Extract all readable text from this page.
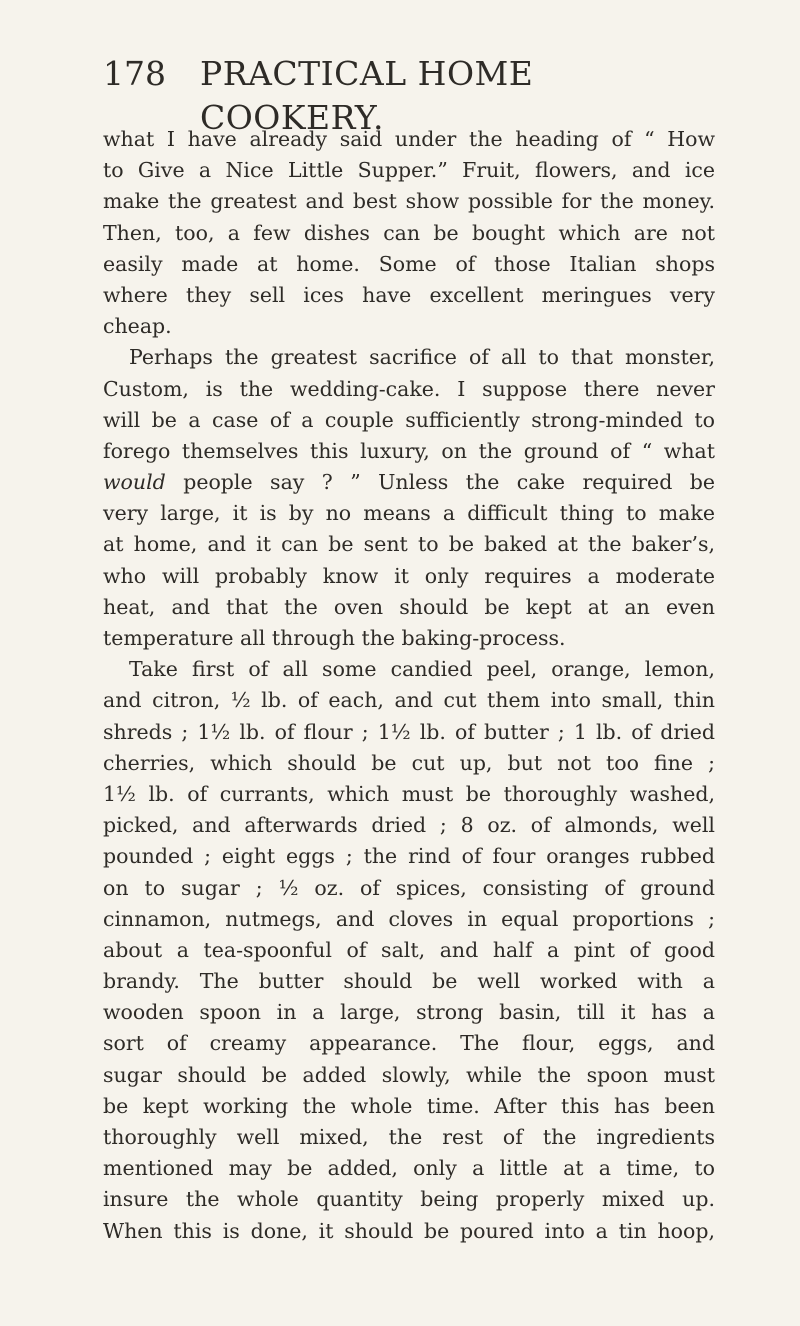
178 PRACTICAL HOME COOKERY.
what I have already said under the heading of “ How
to Give a Nice Little Supper.” Fruit, flowers, and ice
make the greatest and best show possible for the money.
Then, too, a few dishes can be bought which are not
easily made at home. Some of those Italian shops
where they sell ices have excellent meringues very
cheap.
Perhaps the greatest sacrifice of all to that monster,
Custom, is the wedding-cake. I suppose there never
will be a case of a couple sufficiently strong-minded to
forego themselves this luxury, on the ground of “ what
would people say ? ” Unless the cake required be
very large, it is by no means a difficult thing to make
at home, and it can be sent to be baked at the baker’s,
who will probably know it only requires a moderate
heat, and that the oven should be kept at an even
temperature all through the baking-process.
Take first of all some candied peel, orange, lemon,
and citron, ½ lb. of each, and cut them into small, thin
shreds ; 1½ lb. of flour ; 1½ lb. of butter ; 1 lb. of dried
cherries, which should be cut up, but not too fine ;
1½ lb. of currants, which must be thoroughly washed,
picked, and afterwards dried ; 8 oz. of almonds, well
pounded ; eight eggs ; the rind of four oranges rubbed
on to sugar ; ½ oz. of spices, consisting of ground
cinnamon, nutmegs, and cloves in equal proportions ;
about a tea-spoonful of salt, and half a pint of good
brandy. The butter should be well worked with a
wooden spoon in a large, strong basin, till it has a
sort of creamy appearance. The flour, eggs, and
sugar should be added slowly, while the spoon must
be kept working the whole time. After this has been
thoroughly well mixed, the rest of the ingredients
mentioned may be added, only a little at a time, to
insure the whole quantity being properly mixed up.
When this is done, it should be poured into a tin hoop,
